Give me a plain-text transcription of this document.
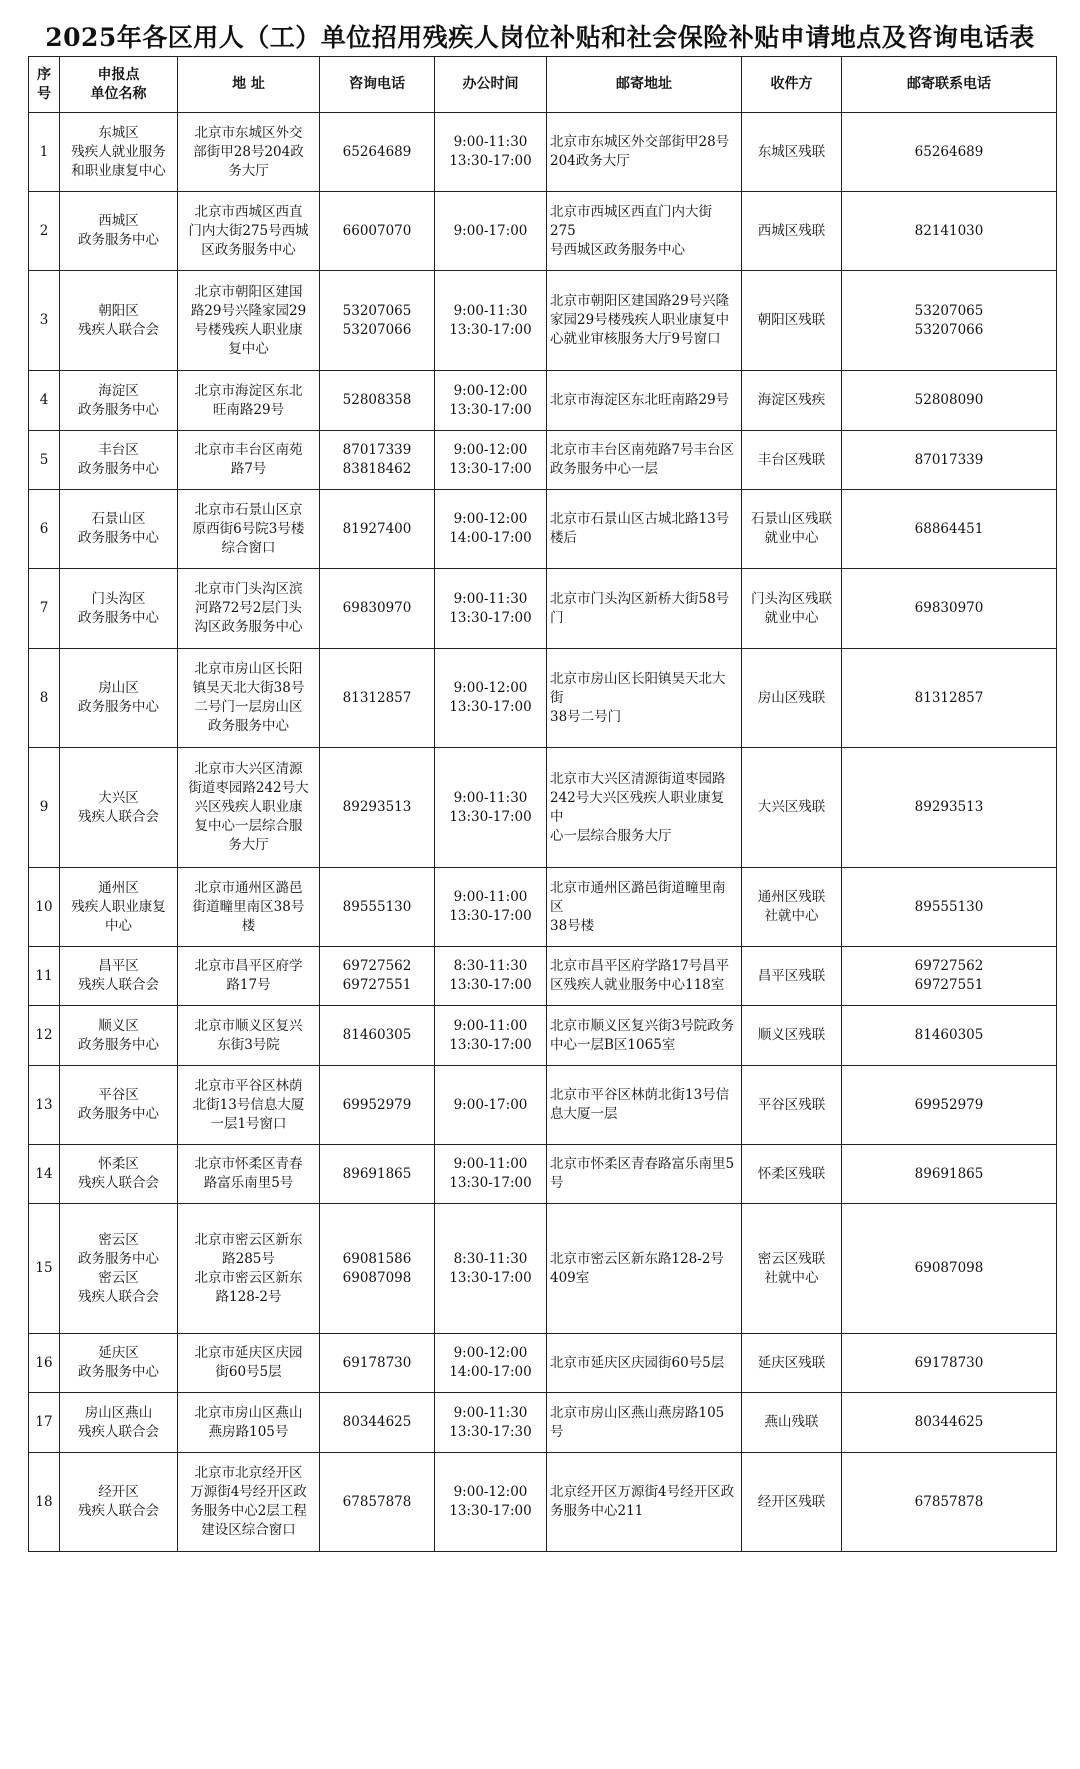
2025年各区用人（工）单位招用残疾人岗位补贴和社会保险补贴申请地点及咨询电话表
序
号	申报点
单位名称	地 址	咨询电话	办公时间	邮寄地址	收件方	邮寄联系电话
1	东城区
残疾人就业服务
和职业康复中心	北京市东城区外交
部街甲28号204政
务大厅	65264689	9:00-11:30
13:30-17:00	北京市东城区外交部街甲28号
204政务大厅	东城区残联	65264689
2	西城区
政务服务中心	北京市西城区西直
门内大街275号西城
区政务服务中心	66007070	9:00-17:00	北京市西城区西直门内大街275
号西城区政务服务中心	西城区残联	82141030
3	朝阳区
残疾人联合会	北京市朝阳区建国
路29号兴隆家园29
号楼残疾人职业康
复中心	53207065
53207066	9:00-11:30
13:30-17:00	北京市朝阳区建国路29号兴隆
家园29号楼残疾人职业康复中
心就业审核服务大厅9号窗口	朝阳区残联	53207065
53207066
4	海淀区
政务服务中心	北京市海淀区东北
旺南路29号	52808358	9:00-12:00
13:30-17:00	北京市海淀区东北旺南路29号	海淀区残疾	52808090
5	丰台区
政务服务中心	北京市丰台区南苑
路7号	87017339
83818462	9:00-12:00
13:30-17:00	北京市丰台区南苑路7号丰台区
政务服务中心一层	丰台区残联	87017339
6	石景山区
政务服务中心	北京市石景山区京
原西街6号院3号楼
综合窗口	81927400	9:00-12:00
14:00-17:00	北京市石景山区古城北路13号
楼后	石景山区残联
就业中心	68864451
7	门头沟区
政务服务中心	北京市门头沟区滨
河路72号2层门头
沟区政务服务中心	69830970	9:00-11:30
13:30-17:00	北京市门头沟区新桥大街58号
门	门头沟区残联
就业中心	69830970
8	房山区
政务服务中心	北京市房山区长阳
镇昊天北大街38号
二号门一层房山区
政务服务中心	81312857	9:00-12:00
13:30-17:00	北京市房山区长阳镇昊天北大街
38号二号门	房山区残联	81312857
9	大兴区
残疾人联合会	北京市大兴区清源
街道枣园路242号大
兴区残疾人职业康
复中心一层综合服
务大厅	89293513	9:00-11:30
13:30-17:00	北京市大兴区清源街道枣园路
242号大兴区残疾人职业康复中
心一层综合服务大厅	大兴区残联	89293513
10	通州区
残疾人职业康复
中心	北京市通州区潞邑
街道疃里南区38号
楼	89555130	9:00-11:00
13:30-17:00	北京市通州区潞邑街道疃里南区
38号楼	通州区残联
社就中心	89555130
11	昌平区
残疾人联合会	北京市昌平区府学
路17号	69727562
69727551	8:30-11:30
13:30-17:00	北京市昌平区府学路17号昌平
区残疾人就业服务中心118室	昌平区残联	69727562
69727551
12	顺义区
政务服务中心	北京市顺义区复兴
东街3号院	81460305	9:00-11:00
13:30-17:00	北京市顺义区复兴街3号院政务
中心一层B区1065室	顺义区残联	81460305
13	平谷区
政务服务中心	北京市平谷区林荫
北街13号信息大厦
一层1号窗口	69952979	9:00-17:00	北京市平谷区林荫北街13号信
息大厦一层	平谷区残联	69952979
14	怀柔区
残疾人联合会	北京市怀柔区青春
路富乐南里5号	89691865	9:00-11:00
13:30-17:00	北京市怀柔区青春路富乐南里5
号	怀柔区残联	89691865
15	密云区
政务服务中心
密云区
残疾人联合会	北京市密云区新东
路285号
北京市密云区新东
路128-2号	69081586
69087098	8:30-11:30
13:30-17:00	北京市密云区新东路128-2号
409室	密云区残联
社就中心	69087098
16	延庆区
政务服务中心	北京市延庆区庆园
街60号5层	69178730	9:00-12:00
14:00-17:00	北京市延庆区庆园街60号5层	延庆区残联	69178730
17	房山区燕山
残疾人联合会	北京市房山区燕山
燕房路105号	80344625	9:00-11:30
13:30-17:30	北京市房山区燕山燕房路105号	燕山残联	80344625
18	经开区
残疾人联合会	北京市北京经开区
万源街4号经开区政
务服务中心2层工程
建设区综合窗口	67857878	9:00-12:00
13:30-17:00	北京经开区万源街4号经开区政
务服务中心211	经开区残联	67857878
